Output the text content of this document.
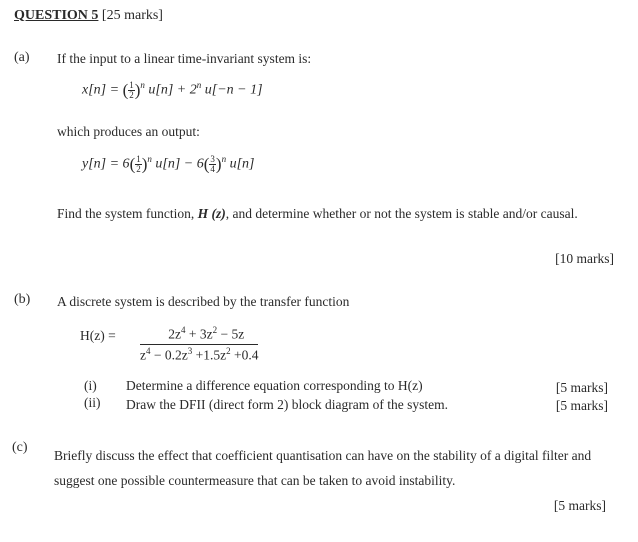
QUESTION 5 [25 marks]
(a) If the input to a linear time-invariant system is:
x[n] = ( $\frac{1}{2} )^n$ $u[n] + 2^n$ u[−n − 1]
which produces an output:
$y[n] = 6( \frac{1}{2} )^n$ $u[n] - 6( \frac{3}{4} )^n$ u[n]
Find the system function, H (z), and determine whether or not the system is stable and/or causal.
[10 marks]
(b) A discrete system is described by the transfer function
$H(z) = \frac{2z^4 + 3z^2 - 5z}{z^4 - 0.2z^3 +1.5z^2 +0.4}$
(i) Determine a difference equation corresponding to H(z)	[5 marks]
(ii) Draw the DFII (direct form 2) block diagram of the system.	[5 marks]
(c)
Briefly discuss the effect that coefficient quantisation can have on the stability of a digital filter and suggest one possible countermeasure that can be taken to avoid instability.
[5 marks]
